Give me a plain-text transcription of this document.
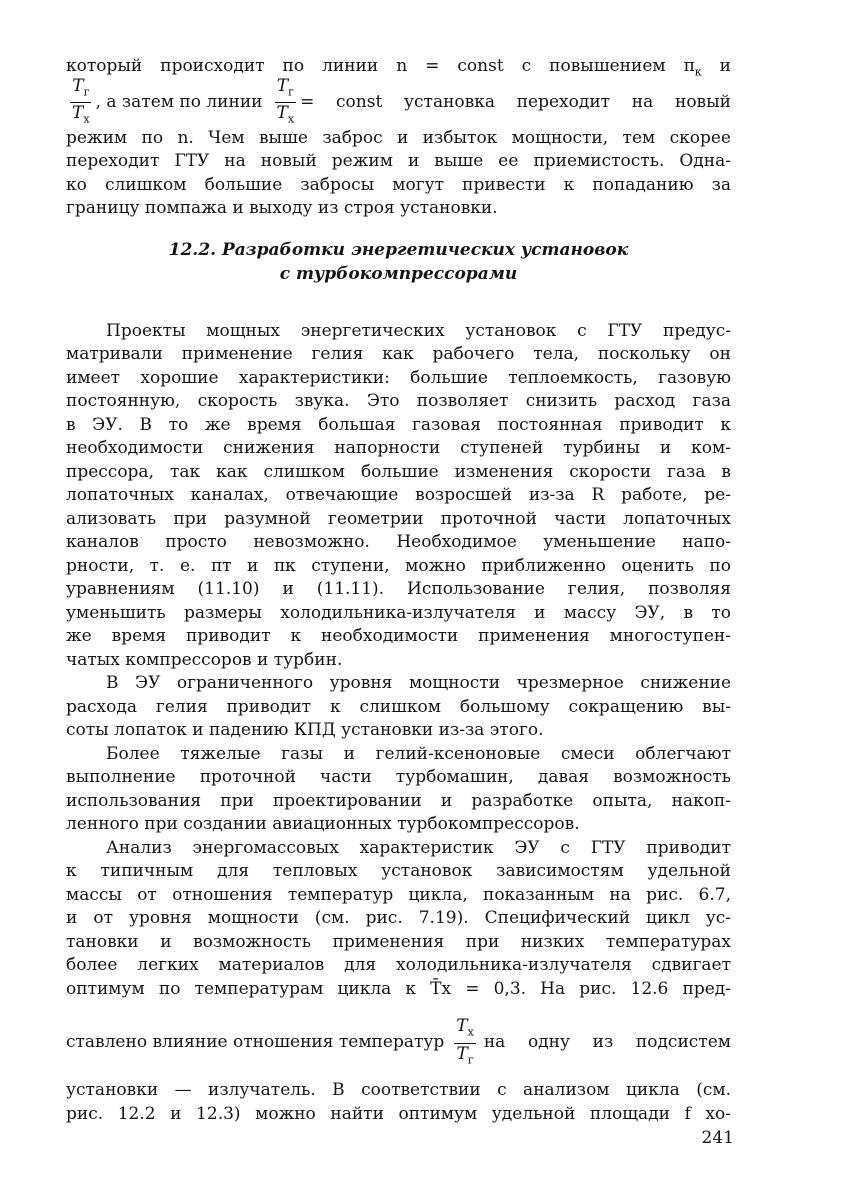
который происходит по линии n = const с повышением $\pi_к$ и
$\frac{T_г}{T_х}$ , а затем по линии $\frac{T_г}{T_х}$ = const установка переходит на новый
режим по n. Чем выше заброс и избыток мощности, тем скорее
переходит ГТУ на новый режим и выше ее приемистость. Одна-
ко слишком большие забросы могут привести к попаданию за
границу помпажа и выходу из строя установки.
12.2. Разработки энергетических установок
с турбокомпрессорами
Проекты мощных энергетических установок с ГТУ предус-
матривали применение гелия как рабочего тела, поскольку он
имеет хорошие характеристики: большие теплоемкость, газовую
постоянную, скорость звука. Это позволяет снизить расход газа
в ЭУ. В то же время большая газовая постоянная приводит к
необходимости снижения напорности ступеней турбины и ком-
прессора, так как слишком большие изменения скорости газа в
лопаточных каналах, отвечающие возросшей из-за R работе, ре-
ализовать при разумной геометрии проточной части лопаточных
каналов просто невозможно. Необходимое уменьшение напо-
рности, т. е. πт и πк ступени, можно приближенно оценить по
уравнениям (11.10) и (11.11). Использование гелия, позволяя
уменьшить размеры холодильника-излучателя и массу ЭУ, в то
же время приводит к необходимости применения многоступен-
чатых компрессоров и турбин.
В ЭУ ограниченного уровня мощности чрезмерное снижение
расхода гелия приводит к слишком большому сокращению вы-
соты лопаток и падению КПД установки из-за этого.
Более тяжелые газы и гелий-ксеноновые смеси облегчают
выполнение проточной части турбомашин, давая возможность
использования при проектировании и разработке опыта, накоп-
ленного при создании авиационных турбокомпрессоров.
Анализ энергомассовых характеристик ЭУ с ГТУ приводит
к типичным для тепловых установок зависимостям удельной
массы от отношения температур цикла, показанным на рис. 6.7,
и от уровня мощности (см. рис. 7.19). Специфический цикл ус-
тановки и возможность применения при низких температурах
более легких материалов для холодильника-излучателя сдвигает
оптимум по температурам цикла к T̄х = 0,3. На рис. 12.6 пред-
ставлено влияние отношения температур $\frac{T_х}{T_г}$ на одну из подсистем
установки — излучатель. В соответствии с анализом цикла (см.
рис. 12.2 и 12.3) можно найти оптимум удельной площади f хо-
241
